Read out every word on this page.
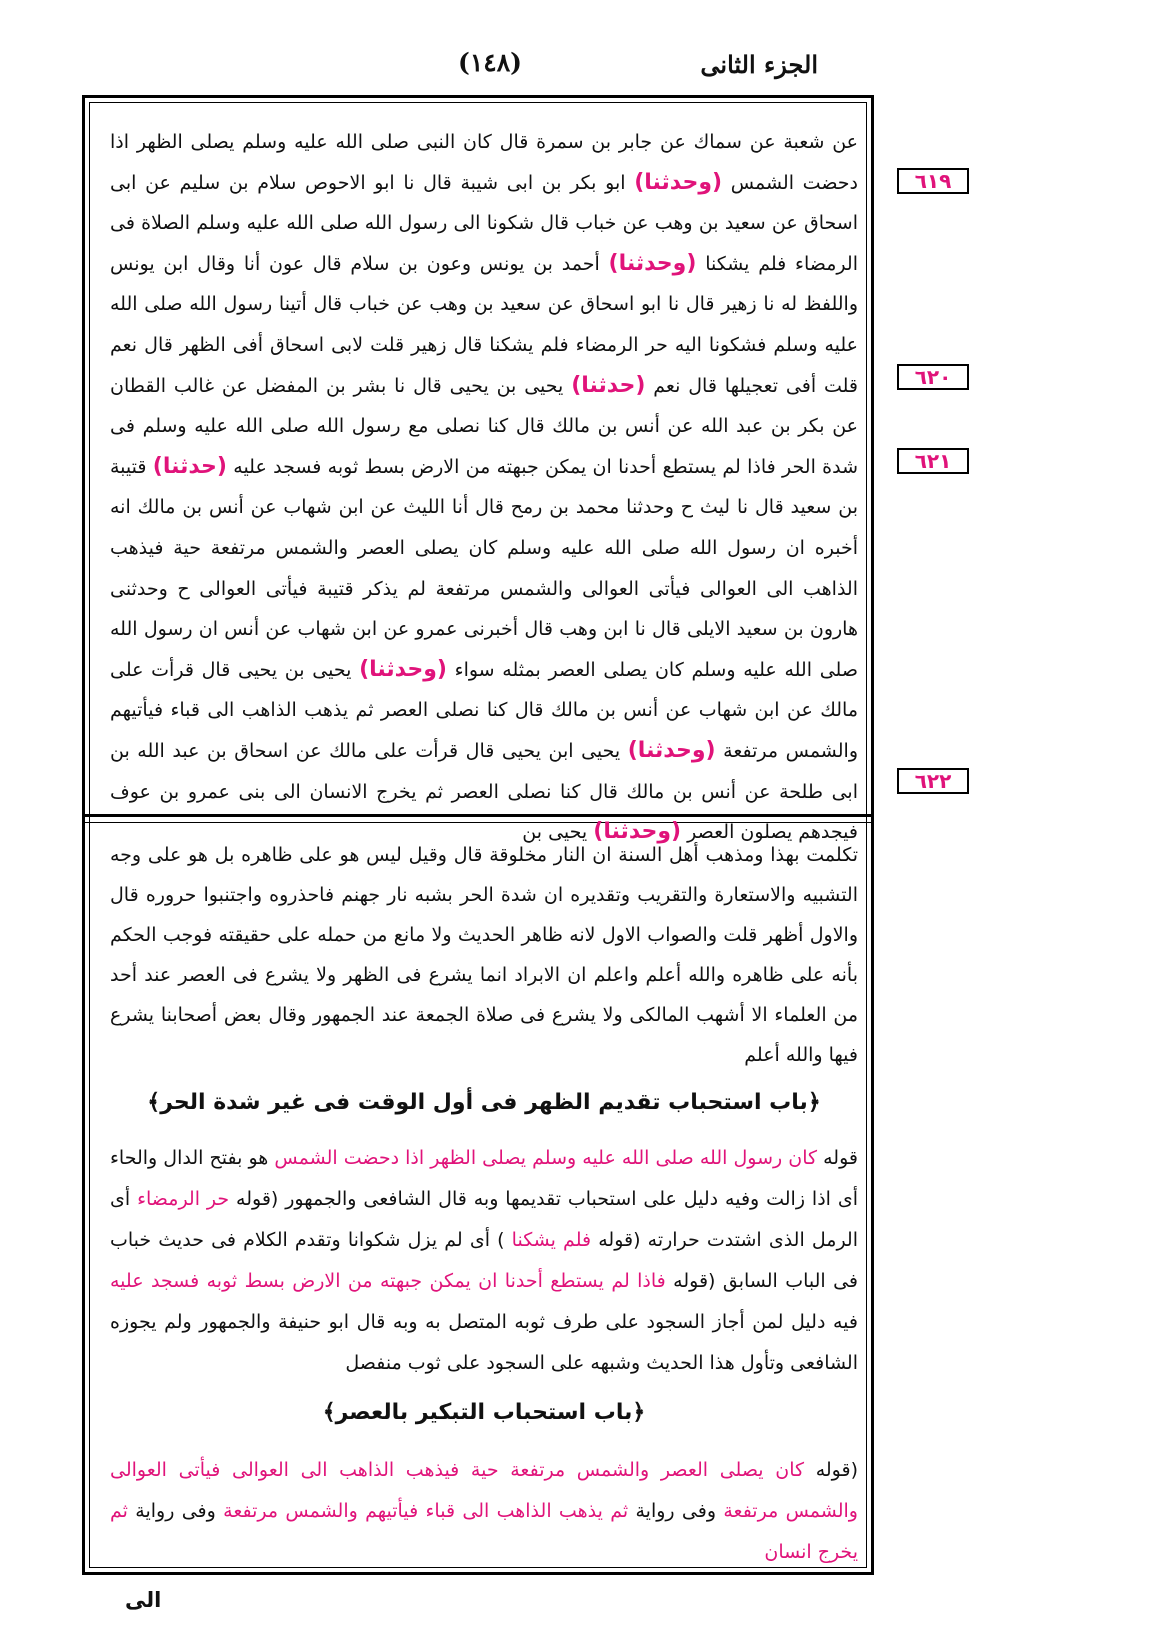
الجزء الثانى
(١٤٨)
عن شعبة عن سماك عن جابر بن سمرة قال كان النبى صلى الله عليه وسلم يصلى الظهر اذا دحضت الشمس (وحدثنا) ابو بكر بن ابى شيبة قال نا ابو الاحوص سلام بن سليم عن ابى اسحاق عن سعيد بن وهب عن خباب قال شكونا الى رسول الله صلى الله عليه وسلم الصلاة فى الرمضاء فلم يشكنا (وحدثنا) أحمد بن يونس وعون بن سلام قال عون أنا وقال ابن يونس واللفظ له نا زهير قال نا ابو اسحاق عن سعيد بن وهب عن خباب قال أتينا رسول الله صلى الله عليه وسلم فشكونا اليه حر الرمضاء فلم يشكنا قال زهير قلت لابى اسحاق أفى الظهر قال نعم قلت أفى تعجيلها قال نعم (حدثنا) يحيى بن يحيى قال نا بشر بن المفضل عن غالب القطان عن بكر بن عبد الله عن أنس بن مالك قال كنا نصلى مع رسول الله صلى الله عليه وسلم فى شدة الحر فاذا لم يستطع أحدنا ان يمكن جبهته من الارض بسط ثوبه فسجد عليه (حدثنا) قتيبة بن سعيد قال نا ليث ح وحدثنا محمد بن رمح قال أنا الليث عن ابن شهاب عن أنس بن مالك انه أخبره ان رسول الله صلى الله عليه وسلم كان يصلى العصر والشمس مرتفعة حية فيذهب الذاهب الى العوالى فيأتى العوالى والشمس مرتفعة لم يذكر قتيبة فيأتى العوالى ح وحدثنى هارون بن سعيد الايلى قال نا ابن وهب قال أخبرنى عمرو عن ابن شهاب عن أنس ان رسول الله صلى الله عليه وسلم كان يصلى العصر بمثله سواء (وحدثنا) يحيى بن يحيى قال قرأت على مالك عن ابن شهاب عن أنس بن مالك قال كنا نصلى العصر ثم يذهب الذاهب الى قباء فيأتيهم والشمس مرتفعة (وحدثنا) يحيى ابن يحيى قال قرأت على مالك عن اسحاق بن عبد الله بن ابى طلحة عن أنس بن مالك قال كنا نصلى العصر ثم يخرج الانسان الى بنى عمرو بن عوف فيجدهم يصلون العصر (وحدثنا) يحيى بن
٦١٩
٦٢٠
٦٢١
٦٢٢
تكلمت بهذا ومذهب أهل السنة ان النار مخلوقة قال وقيل ليس هو على ظاهره بل هو على وجه التشبيه والاستعارة والتقريب وتقديره ان شدة الحر بشبه نار جهنم فاحذروه واجتنبوا حروره قال والاول أظهر قلت والصواب الاول لانه ظاهر الحديث ولا مانع من حمله على حقيقته فوجب الحكم بأنه على ظاهره والله أعلم واعلم ان الابراد انما يشرع فى الظهر ولا يشرع فى العصر عند أحد من العلماء الا أشهب المالكى ولا يشرع فى صلاة الجمعة عند الجمهور وقال بعض أصحابنا يشرع فيها والله أعلم
﴿باب استحباب تقديم الظهر فى أول الوقت فى غير شدة الحر﴾
قوله كان رسول الله صلى الله عليه وسلم يصلى الظهر اذا دحضت الشمس هو بفتح الدال والحاء أى اذا زالت وفيه دليل على استحباب تقديمها وبه قال الشافعى والجمهور (قوله حر الرمضاء أى الرمل الذى اشتدت حرارته (قوله فلم يشكنا ) أى لم يزل شكوانا وتقدم الكلام فى حديث خباب فى الباب السابق (قوله فاذا لم يستطع أحدنا ان يمكن جبهته من الارض بسط ثوبه فسجد عليه فيه دليل لمن أجاز السجود على طرف ثوبه المتصل به وبه قال ابو حنيفة والجمهور ولم يجوزه الشافعى وتأول هذا الحديث وشبهه على السجود على ثوب منفصل
﴿باب استحباب التبكير بالعصر﴾
(قوله كان يصلى العصر والشمس مرتفعة حية فيذهب الذاهب الى العوالى فيأتى العوالى والشمس مرتفعة وفى رواية ثم يذهب الذاهب الى قباء فيأتيهم والشمس مرتفعة وفى رواية ثم يخرج انسان
الى
